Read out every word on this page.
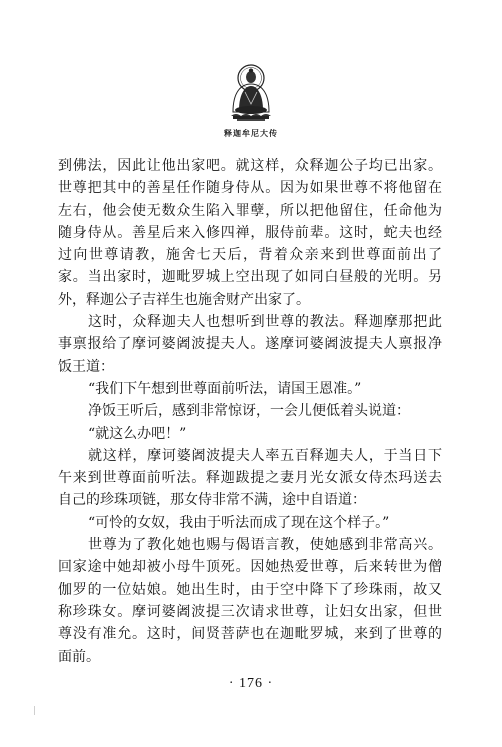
释迦牟尼大传
到佛法，因此让他出家吧。就这样，众释迦公子均已出家。
世尊把其中的善星任作随身侍从。因为如果世尊不将他留在
左右，他会使无数众生陷入罪孽，所以把他留住，任命他为
随身侍从。善星后来入修四禅，服侍前辈。这时，蛇夫也经
过向世尊请教，施舍七天后，背着众亲来到世尊面前出了
家。当出家时，迦毗罗城上空出现了如同白昼般的光明。另
外，释迦公子吉祥生也施舍财产出家了。
这时，众释迦夫人也想听到世尊的教法。释迦摩那把此
事禀报给了摩诃婆阇波提夫人。遂摩诃婆阇波提夫人禀报净
饭王道：
“我们下午想到世尊面前听法，请国王恩准。”
净饭王听后，感到非常惊讶，一会儿便低着头说道：
“就这么办吧！”
就这样，摩诃婆阇波提夫人率五百释迦夫人，于当日下
午来到世尊面前听法。释迦跋提之妻月光女派女侍杰玛送去
自己的珍珠项链，那女侍非常不满，途中自语道：
“可怜的女奴，我由于听法而成了现在这个样子。”
世尊为了教化她也赐与偈语言教，使她感到非常高兴。
回家途中她却被小母牛顶死。因她热爱世尊，后来转世为僧
伽罗的一位姑娘。她出生时，由于空中降下了珍珠雨，故又
称珍珠女。摩诃婆阇波提三次请求世尊，让妇女出家，但世
尊没有准允。这时，间贤菩萨也在迦毗罗城，来到了世尊的
面前。
· 176 ·
